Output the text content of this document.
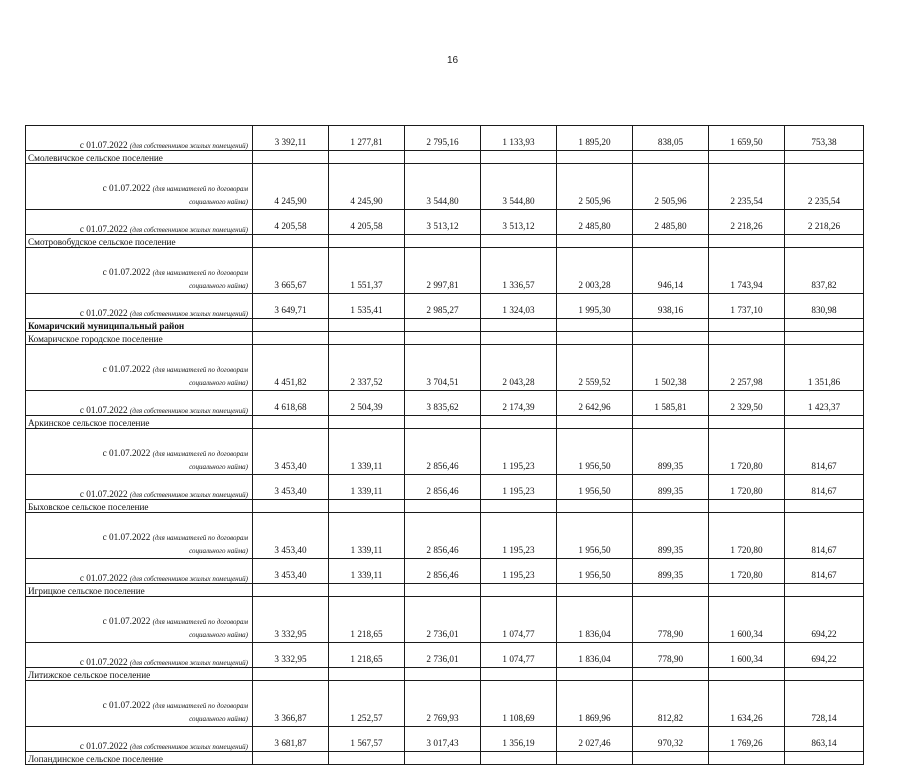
16
с 01.07.2022 (для собственников жилых помещений)	3 392,11	1 277,81	2 795,16	1 133,93	1 895,20	838,05	1 659,50	753,38
Смолевичское сельское поселение								

с 01.07.2022 (для нанимателей по договорам
социального найма)	4 245,90	4 245,90	3 544,80	3 544,80	2 505,96	2 505,96	2 235,54	2 235,54
с 01.07.2022 (для собственников жилых помещений)	4 205,58	4 205,58	3 513,12	3 513,12	2 485,80	2 485,80	2 218,26	2 218,26
Смотровобудское сельское поселение								

с 01.07.2022 (для нанимателей по договорам
социального найма)	3 665,67	1 551,37	2 997,81	1 336,57	2 003,28	946,14	1 743,94	837,82
с 01.07.2022 (для собственников жилых помещений)	3 649,71	1 535,41	2 985,27	1 324,03	1 995,30	938,16	1 737,10	830,98
Комаричский муниципальный район								
Комаричское городское поселение								

с 01.07.2022 (для нанимателей по договорам
социального найма)	4 451,82	2 337,52	3 704,51	2 043,28	2 559,52	1 502,38	2 257,98	1 351,86
с 01.07.2022 (для собственников жилых помещений)	4 618,68	2 504,39	3 835,62	2 174,39	2 642,96	1 585,81	2 329,50	1 423,37
Аркинское сельское поселение								

с 01.07.2022 (для нанимателей по договорам
социального найма)	3 453,40	1 339,11	2 856,46	1 195,23	1 956,50	899,35	1 720,80	814,67
с 01.07.2022 (для собственников жилых помещений)	3 453,40	1 339,11	2 856,46	1 195,23	1 956,50	899,35	1 720,80	814,67
Быховское сельское поселение								

с 01.07.2022 (для нанимателей по договорам
социального найма)	3 453,40	1 339,11	2 856,46	1 195,23	1 956,50	899,35	1 720,80	814,67
с 01.07.2022 (для собственников жилых помещений)	3 453,40	1 339,11	2 856,46	1 195,23	1 956,50	899,35	1 720,80	814,67
Игрицкое сельское поселение								

с 01.07.2022 (для нанимателей по договорам
социального найма)	3 332,95	1 218,65	2 736,01	1 074,77	1 836,04	778,90	1 600,34	694,22
с 01.07.2022 (для собственников жилых помещений)	3 332,95	1 218,65	2 736,01	1 074,77	1 836,04	778,90	1 600,34	694,22
Литижское сельское поселение								

с 01.07.2022 (для нанимателей по договорам
социального найма)	3 366,87	1 252,57	2 769,93	1 108,69	1 869,96	812,82	1 634,26	728,14
с 01.07.2022 (для собственников жилых помещений)	3 681,87	1 567,57	3 017,43	1 356,19	2 027,46	970,32	1 769,26	863,14
Лопандинское сельское поселение								
